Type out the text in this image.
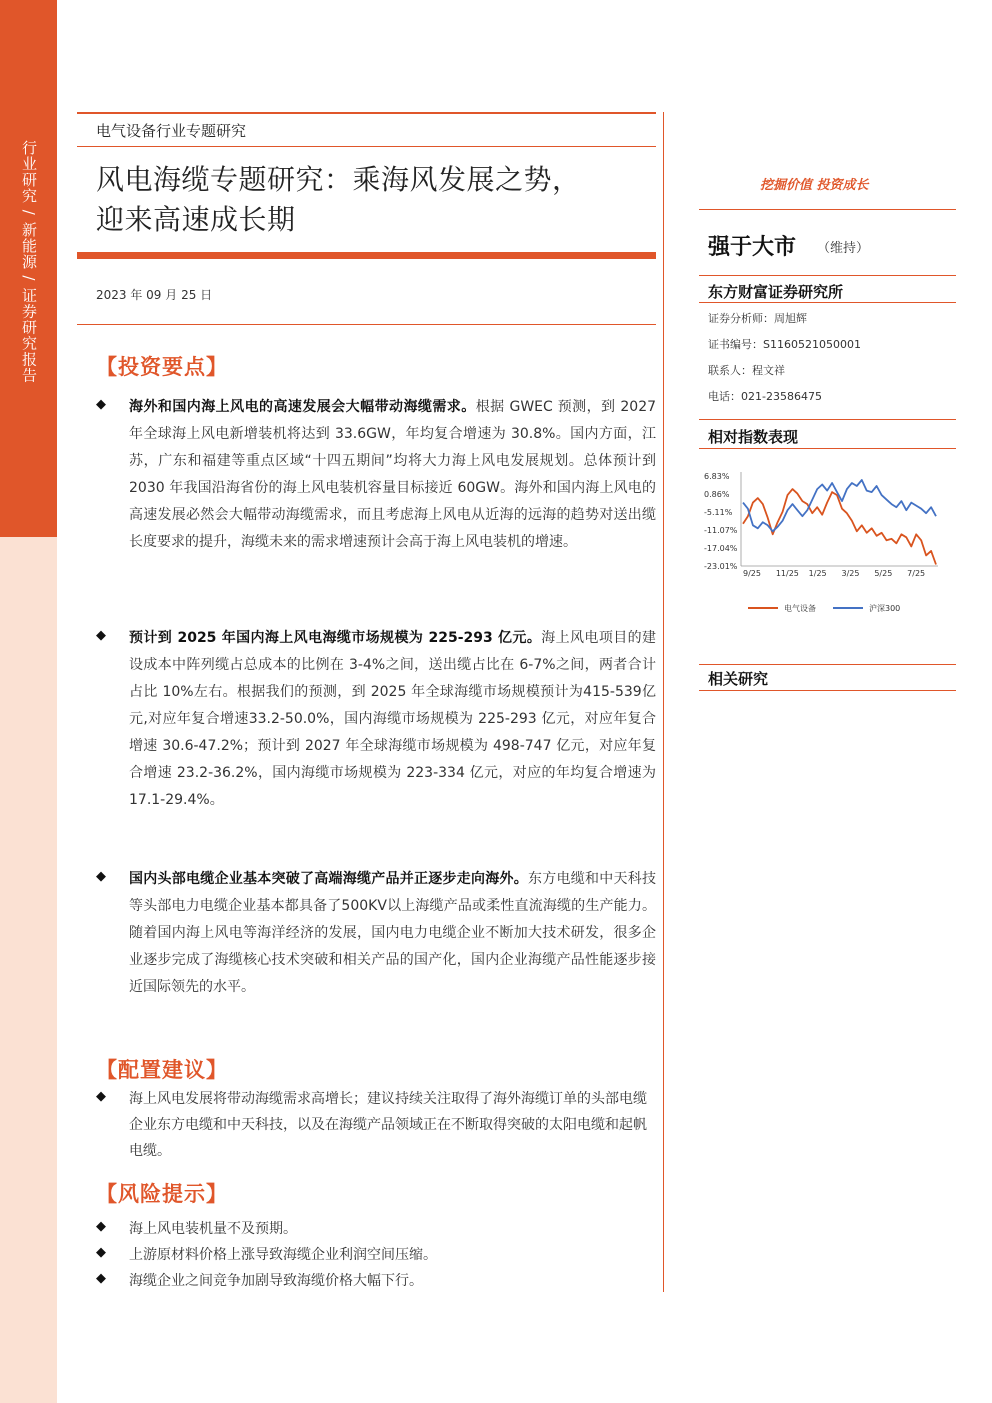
行业研究 / 新能源 / 证券研究报告
电气设备行业专题研究
风电海缆专题研究：乘海风发展之势，
迎来高速成长期
2023 年 09 月 25 日
【投资要点】
◆ 海外和国内海上风电的高速发展会大幅带动海缆需求。根据 GWEC 预测，到 2027 年全球海上风电新增装机将达到 33.6GW，年均复合增速为 30.8%。国内方面，江苏，广东和福建等重点区域“十四五期间”均将大力海上风电发展规划。总体预计到 2030 年我国沿海省份的海上风电装机容量目标接近 60GW。海外和国内海上风电的高速发展必然会大幅带动海缆需求，而且考虑海上风电从近海的远海的趋势对送出缆长度要求的提升，海缆未来的需求增速预计会高于海上风电装机的增速。
◆ 预计到 2025 年国内海上风电海缆市场规模为 225-293 亿元。海上风电项目的建设成本中阵列缆占总成本的比例在 3-4%之间，送出缆占比在 6-7%之间，两者合计占比 10%左右。根据我们的预测，到 2025 年全球海缆市场规模预计为415-539亿元,对应年复合增速33.2-50.0%，国内海缆市场规模为 225-293 亿元，对应年复合增速 30.6-47.2%；预计到 2027 年全球海缆市场规模为 498-747 亿元，对应年复合增速 23.2-36.2%，国内海缆市场规模为 223-334 亿元，对应的年均复合增速为 17.1-29.4%。
◆ 国内头部电缆企业基本突破了高端海缆产品并正逐步走向海外。东方电缆和中天科技等头部电力电缆企业基本都具备了500KV以上海缆产品或柔性直流海缆的生产能力。随着国内海上风电等海洋经济的发展，国内电力电缆企业不断加大技术研发，很多企业逐步完成了海缆核心技术突破和相关产品的国产化，国内企业海缆产品性能逐步接近国际领先的水平。
【配置建议】
◆ 海上风电发展将带动海缆需求高增长；建议持续关注取得了海外海缆订单的头部电缆企业东方电缆和中天科技，以及在海缆产品领域正在不断取得突破的太阳电缆和起帆电缆。
【风险提示】
◆ 海上风电装机量不及预期。
◆ 上游原材料价格上涨导致海缆企业利润空间压缩。
◆ 海缆企业之间竞争加剧导致海缆价格大幅下行。
挖掘价值 投资成长
强于大市 （维持）
东方财富证券研究所
证券分析师：周旭辉
证书编号：S1160521050001
联系人：程文祥
电话：021-23586475
相对指数表现
6.83%
0.86%
-5.11%
-11.07%
-17.04%
-23.01%
9/25 11/25 1/25 3/25 5/25 7/25
电气设备	沪深300
相关研究
